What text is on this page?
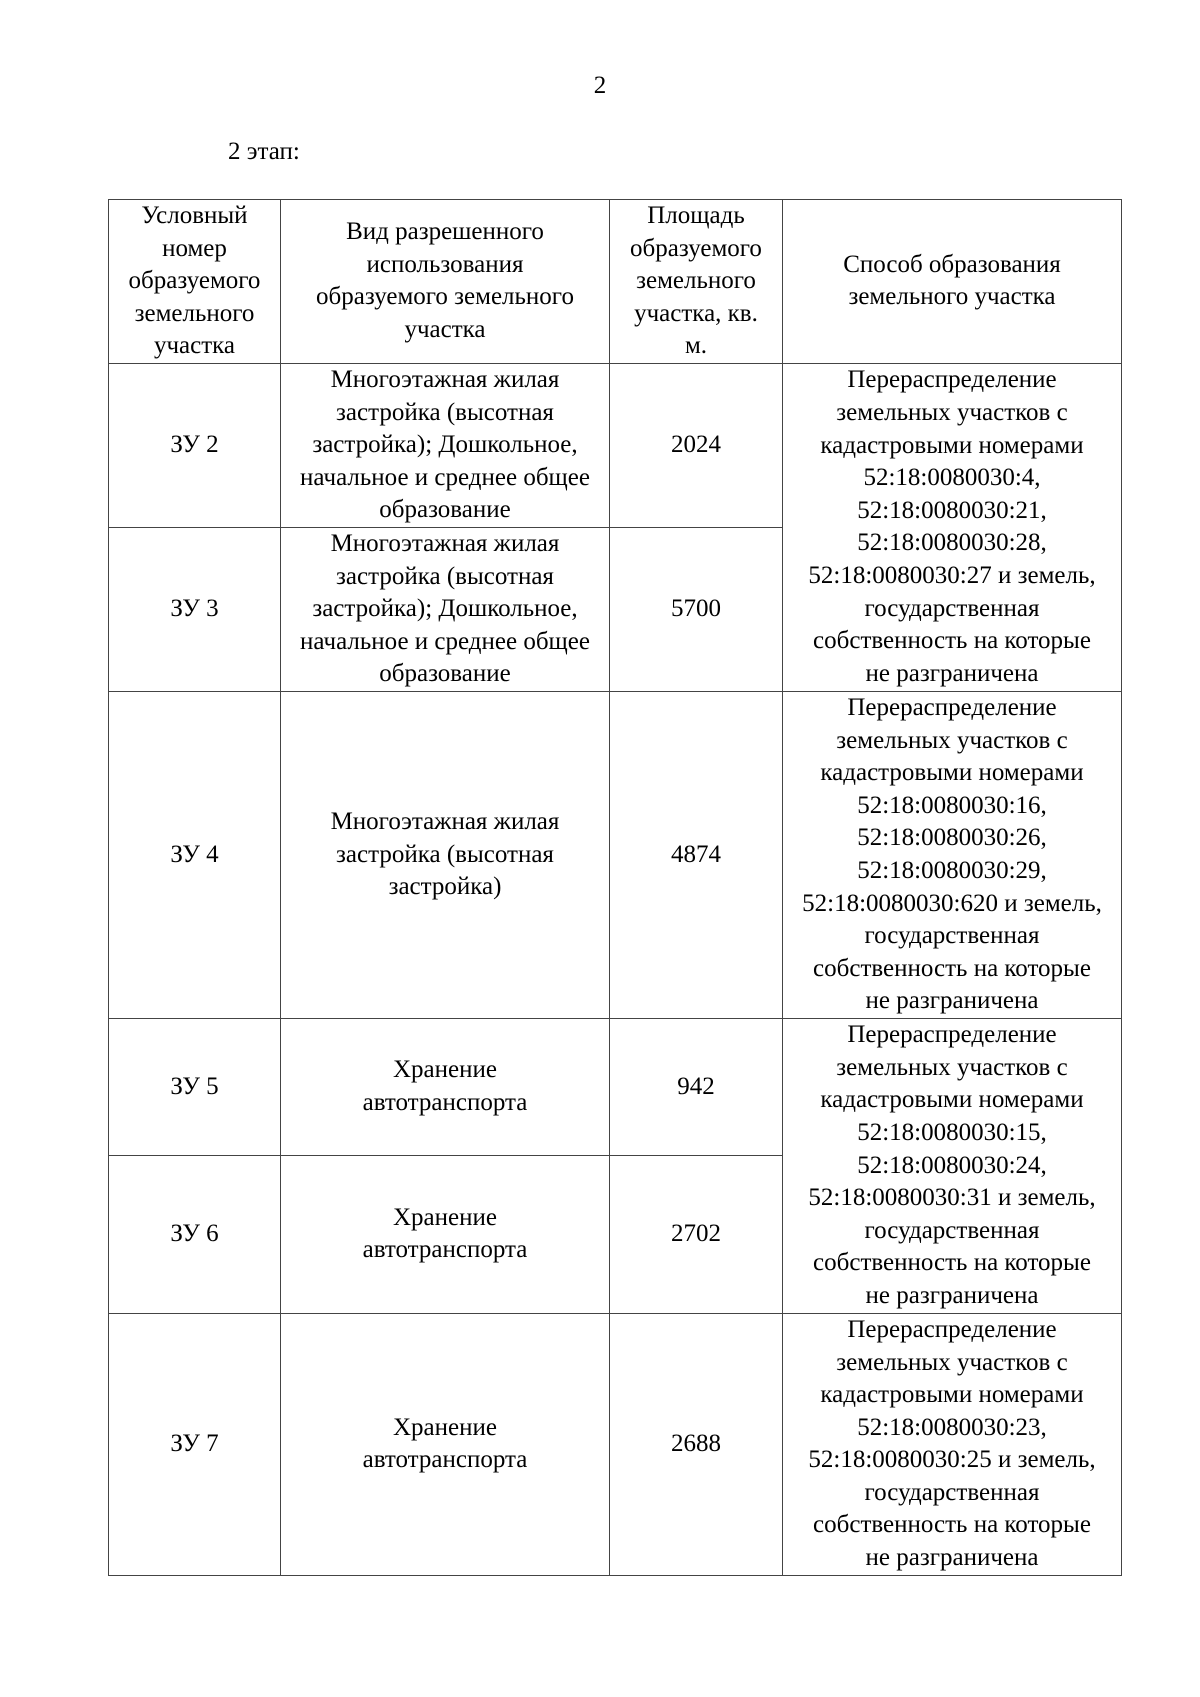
2
2 этап:
Условный номер образуемого земельного участка	Вид разрешенного использования образуемого земельного участка	Площадь образуемого земельного участка, кв. м.	Способ образования земельного участка

ЗУ 2	Многоэтажная жилая застройка (высотная застройка); Дошкольное, начальное и среднее общее образование	2024	Перераспределение земельных участков с кадастровыми номерами 52:18:0080030:4, 52:18:0080030:21, 52:18:0080030:28, 52:18:0080030:27 и земель, государственная собственность на которые не разграничена

ЗУ 3	Многоэтажная жилая застройка (высотная застройка); Дошкольное, начальное и среднее общее образование	5700	
ЗУ 4	Многоэтажная жилая застройка (высотная застройка)	4874	Перераспределение земельных участков с кадастровыми номерами 52:18:0080030:16, 52:18:0080030:26, 52:18:0080030:29, 52:18:0080030:620 и земель, государственная собственность на которые не разграничена

ЗУ 5	Хранение автотранспорта	942	Перераспределение земельных участков с кадастровыми номерами 52:18:0080030:15, 52:18:0080030:24, 52:18:0080030:31 и земель, государственная собственность на которые не разграничена

ЗУ 6	Хранение автотранспорта	2702	
ЗУ 7	Хранение автотранспорта	2688	Перераспределение земельных участков с кадастровыми номерами 52:18:0080030:23, 52:18:0080030:25 и земель, государственная собственность на которые не разграничена
